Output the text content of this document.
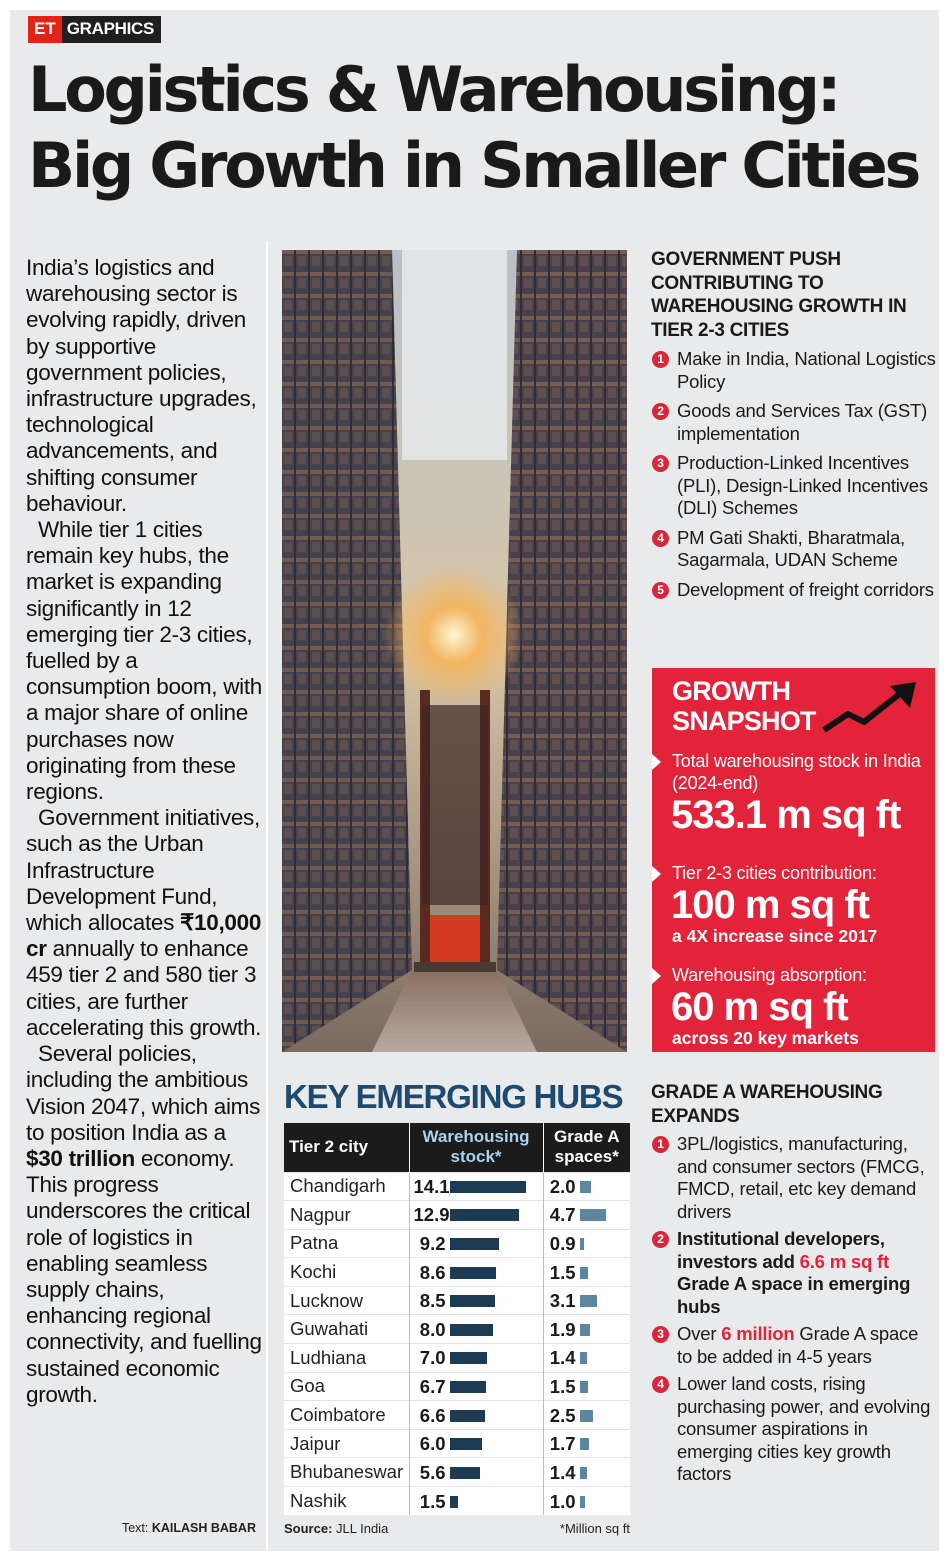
ET GRAPHICS
Logistics & Warehousing:
Big Growth in Smaller Cities

India’s logistics and warehousing sector is evolving rapidly, driven by supportive government policies, infrastructure upgrades, technological advancements, and shifting consumer behaviour.

While tier 1 cities remain key hubs, the market is expanding significantly in 12 emerging tier 2-3 cities, fuelled by a consumption boom, with a major share of online purchases now originating from these regions.

Government initiatives, such as the Urban Infrastructure Development Fund, which allocates ₹10,000 cr annually to enhance 459 tier 2 and 580 tier 3 cities, are further accelerating this growth.

Several policies, including the ambitious Vision 2047, which aims to position India as a $30 trillion economy. This progress underscores the critical role of logistics in enabling seamless supply chains, enhancing regional connectivity, and fuelling sustained economic growth.

Text: KAILASH BABAR
GOVERNMENT PUSH CONTRIBUTING TO WAREHOUSING GROWTH IN TIER 2-3 CITIES
1 Make in India, National Logistics Policy
2 Goods and Services Tax (GST) implementation
3 Production-Linked Incentives (PLI), Design-Linked Incentives (DLI) Schemes
4 PM Gati Shakti, Bharatmala, Sagarmala, UDAN Scheme
5 Development of freight corridors
GROWTH
SNAPSHOT
Total warehousing stock in India (2024-end)
533.1 m sq ft
Tier 2-3 cities contribution:
100 m sq ft
a 4X increase since 2017
Warehousing absorption:
60 m sq ft
across 20 key markets
KEY EMERGING HUBS
Tier 2 city	Warehousing stock*	Grade A spaces*
Chandigarh	14.1	2.0
Nagpur	12.9	4.7
Patna	9.2	0.9
Kochi	8.6	1.5
Lucknow	8.5	3.1
Guwahati	8.0	1.9
Ludhiana	7.0	1.4
Goa	6.7	1.5
Coimbatore	6.6	2.5
Jaipur	6.0	1.7
Bhubaneswar	5.6	1.4
Nashik	1.5	1.0
Source: JLL India	*Million sq ft
GRADE A WAREHOUSING EXPANDS
1 3PL/logistics, manufacturing, and consumer sectors (FMCG, FMCD, retail, etc key demand drivers
2 Institutional developers, investors add 6.6 m sq ft Grade A space in emerging hubs
3 Over 6 million Grade A space to be added in 4-5 years
4 Lower land costs, rising purchasing power, and evolving consumer aspirations in emerging cities key growth factors
